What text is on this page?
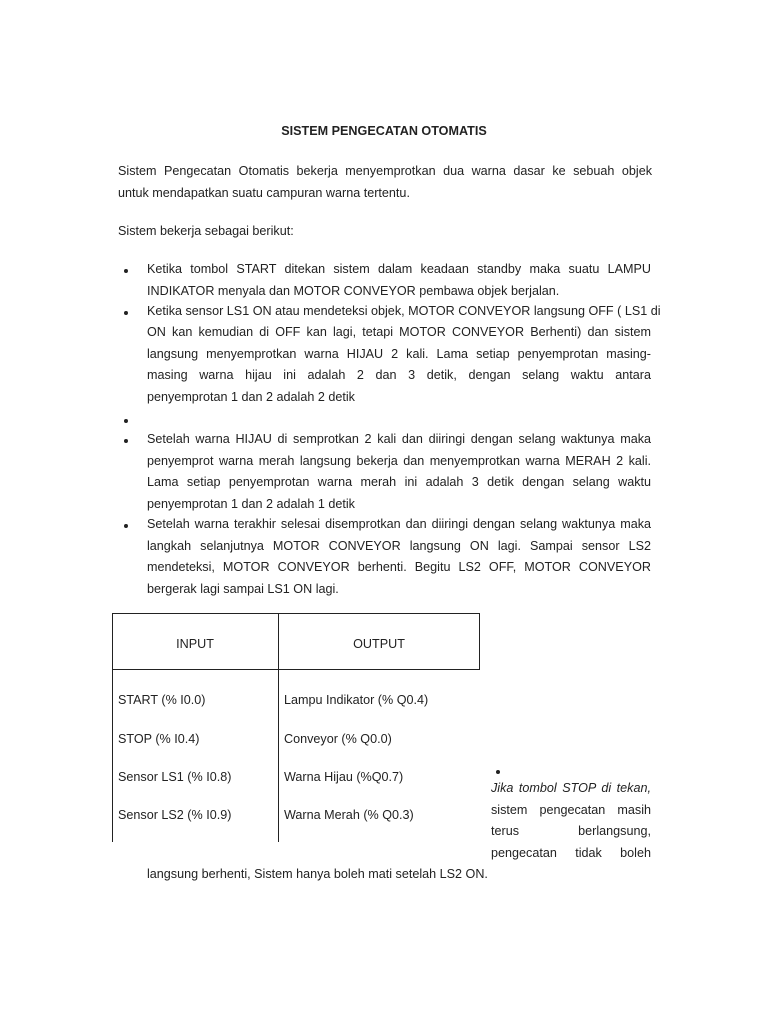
SISTEM PENGECATAN OTOMATIS
Sistem Pengecatan Otomatis bekerja menyemprotkan dua warna dasar ke sebuah objek
untuk mendapatkan suatu campuran warna tertentu.
Sistem bekerja sebagai berikut:
Ketika tombol START ditekan sistem dalam keadaan standby maka suatu LAMPU
INDIKATOR menyala dan MOTOR CONVEYOR pembawa objek berjalan.
Ketika sensor LS1 ON atau mendeteksi objek, MOTOR CONVEYOR langsung OFF ( LS1 di
ON kan kemudian di OFF kan lagi, tetapi MOTOR CONVEYOR Berhenti) dan sistem
langsung menyemprotkan warna HIJAU 2 kali. Lama setiap penyemprotan masing-
masing warna hijau ini adalah 2 dan 3 detik, dengan selang waktu antara
penyemprotan 1 dan 2 adalah 2 detik
Setelah warna HIJAU di semprotkan 2 kali dan diiringi dengan selang waktunya maka
penyemprot warna merah langsung bekerja dan menyemprotkan warna MERAH 2 kali.
Lama setiap penyemprotan warna merah ini adalah 3 detik dengan selang waktu
penyemprotan 1 dan 2 adalah 1 detik
Setelah warna terakhir selesai disemprotkan dan diiringi dengan selang waktunya maka
langkah selanjutnya MOTOR CONVEYOR langsung ON lagi. Sampai sensor LS2
mendeteksi, MOTOR CONVEYOR berhenti. Begitu LS2 OFF, MOTOR CONVEYOR
bergerak lagi sampai LS1 ON lagi.
INPUT	OUTPUT
START (% I0.0)	Lampu Indikator (% Q0.4)
STOP (% I0.4)	Conveyor (% Q0.0)
Sensor LS1 (% I0.8)	Warna Hijau (%Q0.7)
Sensor LS2 (% I0.9)	Warna Merah (% Q0.3)
Jika tombol STOP di tekan,
sistem pengecatan masih
terus berlangsung,
pengecatan tidak boleh
langsung berhenti, Sistem hanya boleh mati setelah LS2 ON.
